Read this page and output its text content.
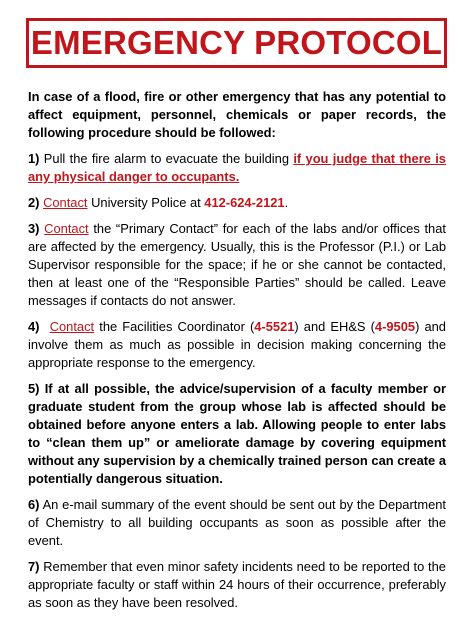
EMERGENCY PROTOCOL

In case of a flood, fire or other emergency that has any potential to affect equipment, personnel, chemicals or paper records, the following procedure should be followed:

1) Pull the fire alarm to evacuate the building if you judge that there is any physical danger to occupants.

2) Contact University Police at 412-624-2121.

3) Contact the “Primary Contact” for each of the labs and/or offices that are affected by the emergency. Usually, this is the Professor (P.I.) or Lab Supervisor responsible for the space; if he or she cannot be contacted, then at least one of the “Responsible Parties” should be called. Leave messages if contacts do not answer.

4) Contact the Facilities Coordinator (4-5521) and EH&S (4-9505) and involve them as much as possible in decision making concerning the appropriate response to the emergency.

5) If at all possible, the advice/supervision of a faculty member or graduate student from the group whose lab is affected should be obtained before anyone enters a lab. Allowing people to enter labs to “clean them up” or ameliorate damage by covering equipment without any supervision by a chemically trained person can create a potentially dangerous situation.

6) An e-mail summary of the event should be sent out by the Department of Chemistry to all building occupants as soon as possible after the event.

7) Remember that even minor safety incidents need to be reported to the appropriate faculty or staff within 24 hours of their occurrence, preferably as soon as they have been resolved.
